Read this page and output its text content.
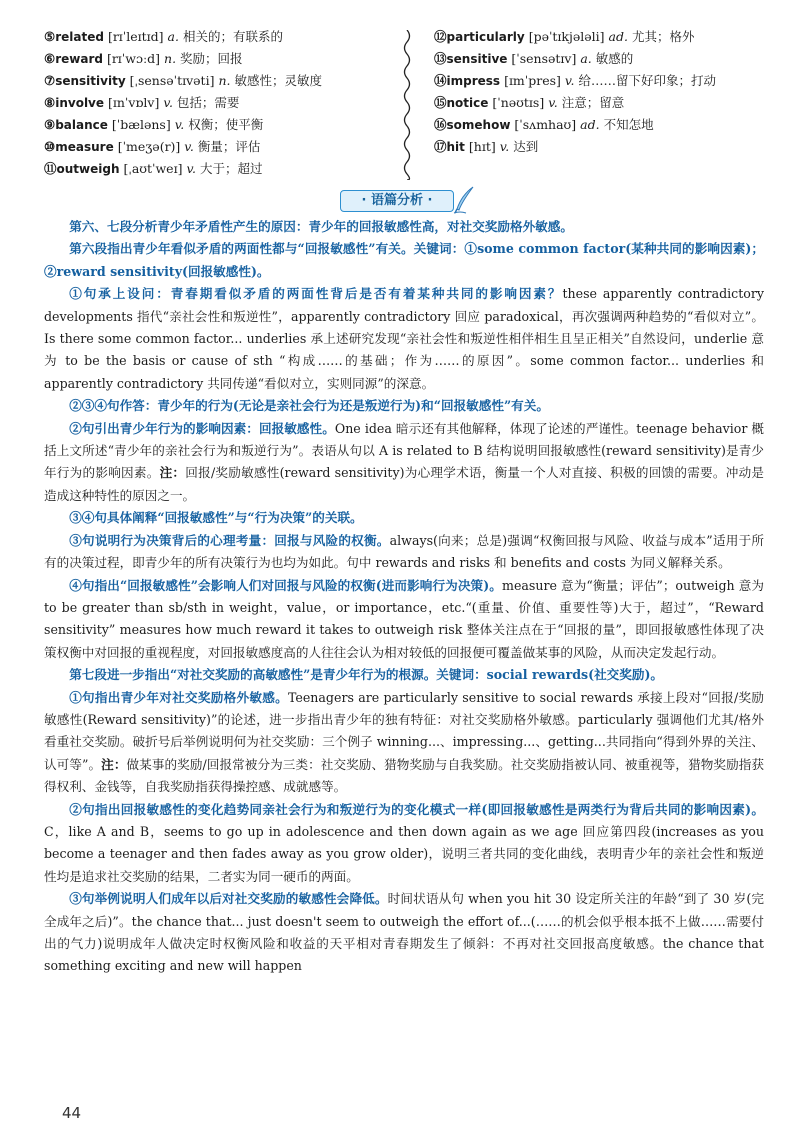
⑤related [rɪˈleɪtɪd] a. 相关的；有联系的
⑥reward [rɪˈwɔːd] n. 奖励；回报
⑦sensitivity [ˌsensəˈtɪvəti] n. 敏感性；灵敏度
⑧involve [ɪnˈvɒlv] v. 包括；需要
⑨balance [ˈbæləns] v. 权衡；使平衡
⑩measure [ˈmeʒə(r)] v. 衡量；评估
⑪outweigh [ˌaʊtˈweɪ] v. 大于；超过
⑫particularly [pəˈtɪkjələli] ad. 尤其；格外
⑬sensitive [ˈsensətɪv] a. 敏感的
⑭impress [ɪmˈpres] v. 给……留下好印象；打动
⑮notice [ˈnəʊtɪs] v. 注意；留意
⑯somehow [ˈsʌmhaʊ] ad. 不知怎地
⑰hit [hɪt] v. 达到
· 语篇分析 ·

第六、七段分析青少年矛盾性产生的原因：青少年的回报敏感性高，对社交奖励格外敏感。

第六段指出青少年看似矛盾的两面性都与“回报敏感性”有关。关键词：①some common factor(某种共同的影响因素)；②reward sensitivity(回报敏感性)。

①句承上设问：青春期看似矛盾的两面性背后是否有着某种共同的影响因素？these apparently contradictory developments 指代“亲社会性和叛逆性”，apparently contradictory 回应 paradoxical，再次强调两种趋势的“看似对立”。Is there some common factor... underlies 承上述研究发现“亲社会性和叛逆性相伴相生且呈正相关”自然设问，underlie 意为 to be the basis or cause of sth “构成……的基础；作为……的原因”。some common factor... underlies 和 apparently contradictory 共同传递“看似对立，实则同源”的深意。

②③④句作答：青少年的行为(无论是亲社会行为还是叛逆行为)和“回报敏感性”有关。

②句引出青少年行为的影响因素：回报敏感性。One idea 暗示还有其他解释，体现了论述的严谨性。teenage behavior 概括上文所述“青少年的亲社会行为和叛逆行为”。表语从句以 A is related to B 结构说明回报敏感性(reward sensitivity)是青少年行为的影响因素。注：回报/奖励敏感性(reward sensitivity)为心理学术语，衡量一个人对直接、积极的回馈的需要。冲动是造成这种特性的原因之一。

③④句具体阐释“回报敏感性”与“行为决策”的关联。

③句说明行为决策背后的心理考量：回报与风险的权衡。always(向来；总是)强调“权衡回报与风险、收益与成本”适用于所有的决策过程，即青少年的所有决策行为也均为如此。句中 rewards and risks 和 benefits and costs 为同义解释关系。

④句指出“回报敏感性”会影响人们对回报与风险的权衡(进而影响行为决策)。measure 意为“衡量；评估”；outweigh 意为 to be greater than sb/sth in weight，value，or importance，etc.“(重量、价值、重要性等)大于，超过”，“Reward sensitivity” measures how much reward it takes to outweigh risk 整体关注点在于“回报的量”，即回报敏感性体现了决策权衡中对回报的重视程度，对回报敏感度高的人往往会认为相对较低的回报便可覆盖做某事的风险，从而决定发起行动。

第七段进一步指出“对社交奖励的高敏感性”是青少年行为的根源。关键词：social rewards(社交奖励)。

①句指出青少年对社交奖励格外敏感。Teenagers are particularly sensitive to social rewards 承接上段对“回报/奖励敏感性(Reward sensitivity)”的论述，进一步指出青少年的独有特征：对社交奖励格外敏感。particularly 强调他们尤其/格外看重社交奖励。破折号后举例说明何为社交奖励：三个例子 winning...、impressing...、getting...共同指向“得到外界的关注、认可等”。注：做某事的奖励/回报常被分为三类：社交奖励、猎物奖励与自我奖励。社交奖励指被认同、被重视等，猎物奖励指获得权利、金钱等，自我奖励指获得操控感、成就感等。

②句指出回报敏感性的变化趋势同亲社会行为和叛逆行为的变化模式一样(即回报敏感性是两类行为背后共同的影响因素)。C，like A and B，seems to go up in adolescence and then down again as we age 回应第四段(increases as you become a teenager and then fades away as you grow older)，说明三者共同的变化曲线，表明青少年的亲社会性和叛逆性均是追求社交奖励的结果，二者实为同一硬币的两面。

③句举例说明人们成年以后对社交奖励的敏感性会降低。时间状语从句 when you hit 30 设定所关注的年龄“到了 30 岁(完全成年之后)”。the chance that... just doesn't seem to outweigh the effort of...(……的机会似乎根本抵不上做……需要付出的气力)说明成年人做决定时权衡风险和收益的天平相对青春期发生了倾斜：不再对社交回报高度敏感。the chance that something exciting and new will happen

44
